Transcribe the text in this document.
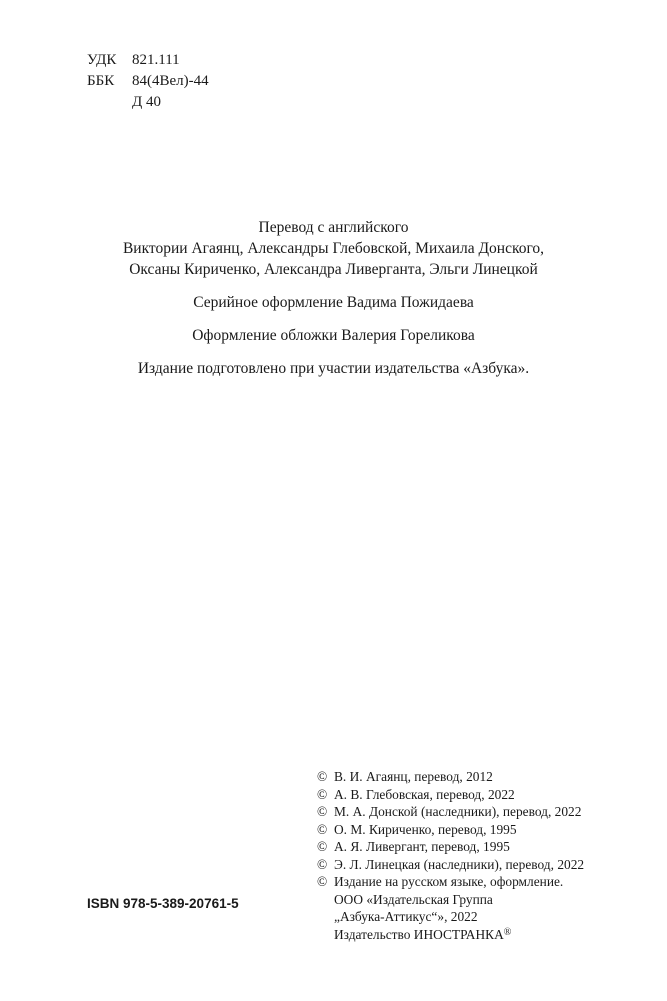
УДК	821.111
ББК	84(4Вел)-44
Д 40

Перевод с английского

Виктории Агаянц, Александры Глебовской, Михаила Донского,

Оксаны Кириченко, Александра Ливерганта, Эльги Линецкой

Серийное оформление Вадима Пожидаева

Оформление обложки Валерия Гореликова

Издание подготовлено при участии издательства «Азбука».

© В. И. Агаянц, перевод, 2012
© А. В. Глебовская, перевод, 2022
© М. А. Донской (наследники), перевод, 2022
© О. М. Кириченко, перевод, 1995
© А. Я. Ливергант, перевод, 1995
© Э. Л. Линецкая (наследники), перевод, 2022
© Издание на русском языке, оформление.
ООО «Издательская Группа
„Азбука-Аттикус“», 2022
Издательство ИНОСТРАНКА®
ISBN 978-5-389-20761-5
